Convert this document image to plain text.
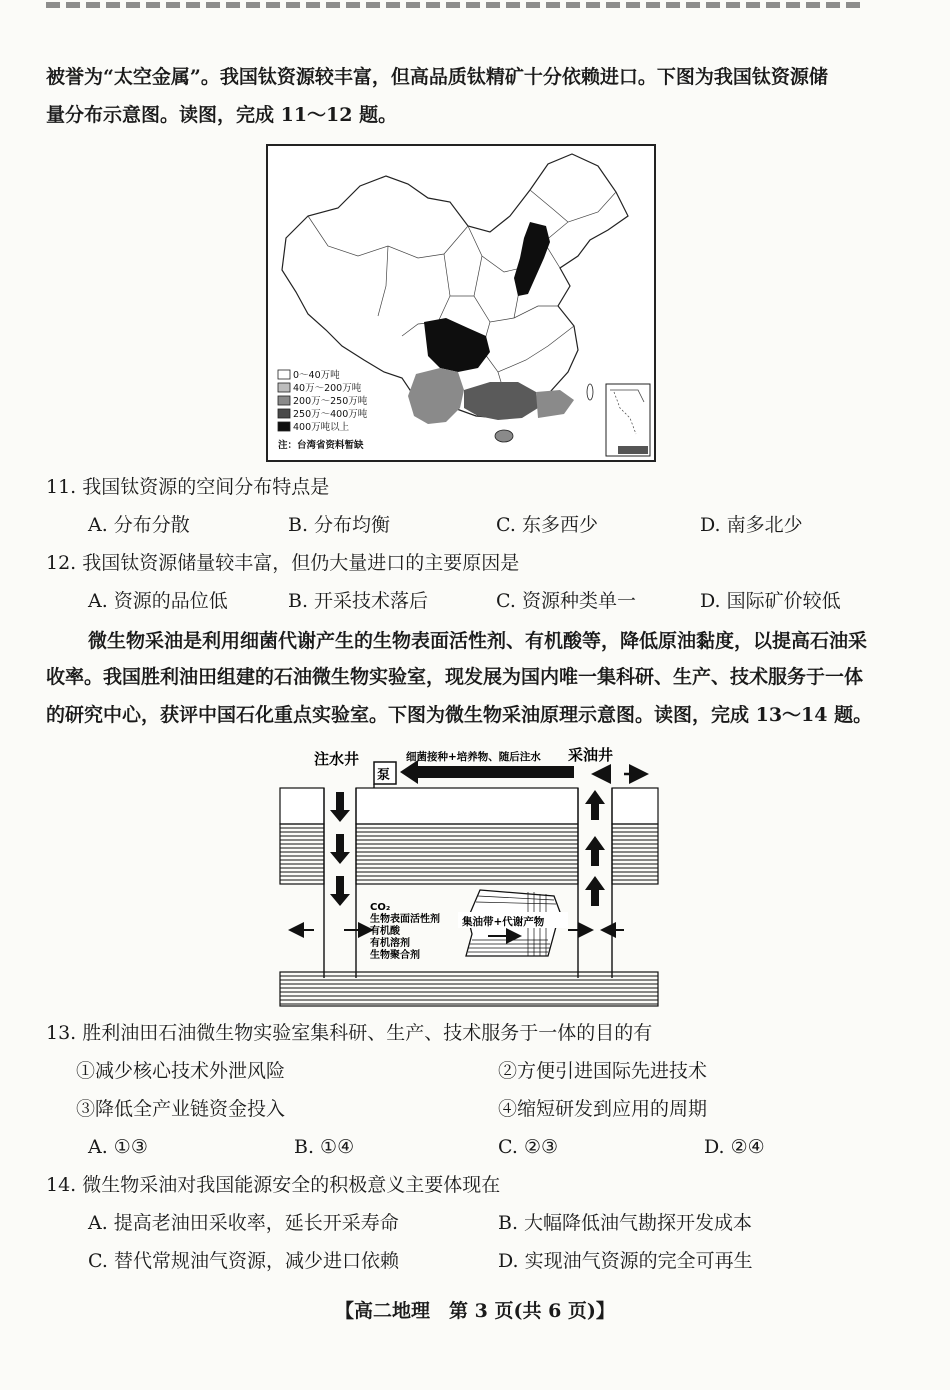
被誉为“太空金属”。我国钛资源较丰富，但高品质钛精矿十分依赖进口。下图为我国钛资源储
量分布示意图。读图，完成 11～12 题。
0～40万吨
40万～200万吨
200万～250万吨
250万～400万吨
400万吨以上
注：台湾省资料暂缺
11. 我国钛资源的空间分布特点是
A. 分布分散	B. 分布均衡	C. 东多西少	D. 南多北少
12. 我国钛资源储量较丰富，但仍大量进口的主要原因是
A. 资源的品位低	B. 开采技术落后	C. 资源种类单一	D. 国际矿价较低
微生物采油是利用细菌代谢产生的生物表面活性剂、有机酸等，降低原油黏度，以提高石油采
收率。我国胜利油田组建的石油微生物实验室，现发展为国内唯一集科研、生产、技术服务于一体
的研究中心，获评中国石化重点实验室。下图为微生物采油原理示意图。读图，完成 13～14 题。
注水井	采油井
泵
细菌接种+培养物、随后注水
CO₂
生物表面活性剂
有机酸
有机溶剂
生物聚合剂
集油带+代谢产物
13. 胜利油田石油微生物实验室集科研、生产、技术服务于一体的目的有
①减少核心技术外泄风险	②方便引进国际先进技术
③降低全产业链资金投入	④缩短研发到应用的周期
A. ①③	B. ①④	C. ②③	D. ②④
14. 微生物采油对我国能源安全的积极意义主要体现在
A. 提高老油田采收率，延长开采寿命	B. 大幅降低油气勘探开发成本
C. 替代常规油气资源，减少进口依赖	D. 实现油气资源的完全可再生
【高二地理　第 3 页(共 6 页)】
